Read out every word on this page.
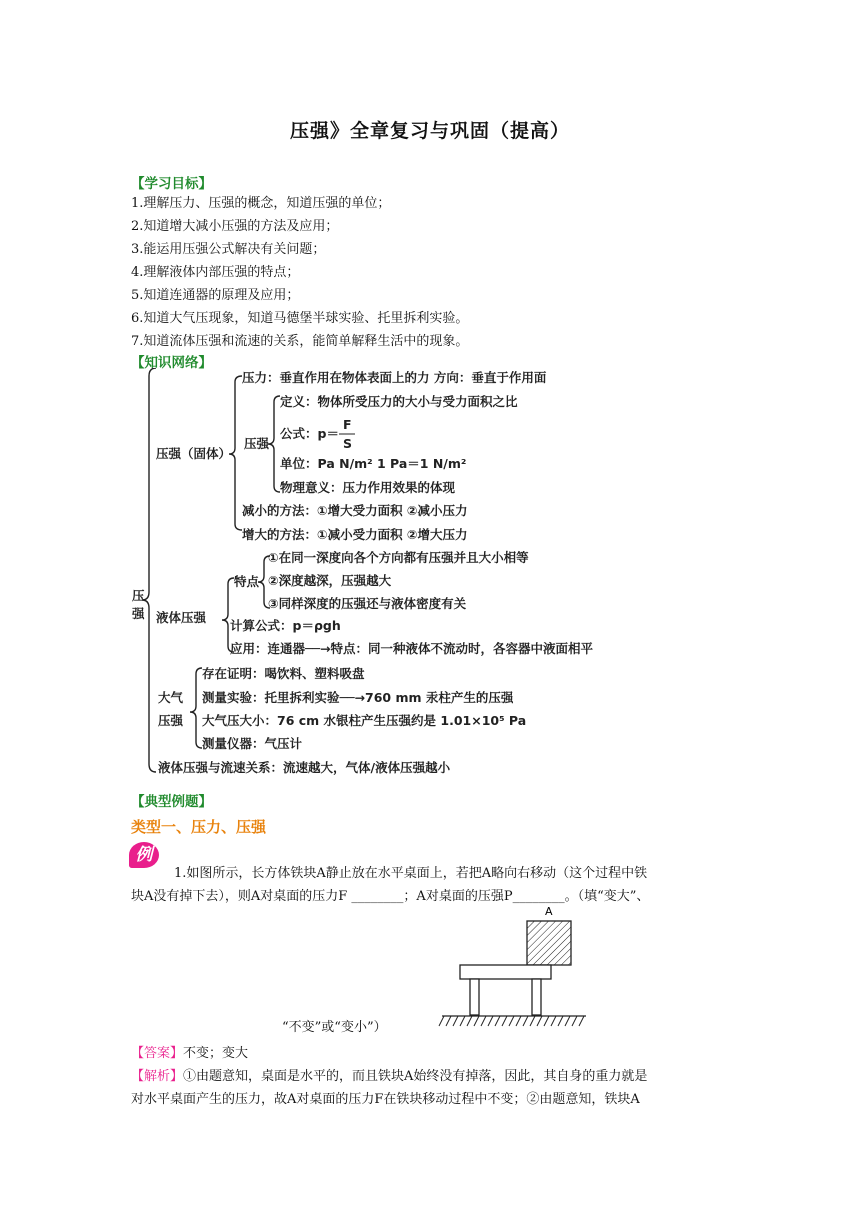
压强》全章复习与巩固（提高）
【学习目标】
1.理解压力、压强的概念，知道压强的单位；
2.知道增大减小压强的方法及应用；
3.能运用压强公式解决有关问题；
4.理解液体内部压强的特点；
5.知道连通器的原理及应用；
6.知道大气压现象，知道马德堡半球实验、托里拆利实验。
7.知道流体压强和流速的关系，能简单解释生活中的现象。
【知识网络】
压
强
压强（固体）
压力：垂直作用在物体表面上的力 方向：垂直于作用面
压强
定义：物体所受压力的大小与受力面积之比
公式：p＝
F
S
单位：Pa N/m² 1 Pa＝1 N/m²
物理意义：压力作用效果的体现
减小的方法：①增大受力面积 ②减小压力
增大的方法：①减小受力面积 ②增大压力
液体压强
特点
①在同一深度向各个方向都有压强并且大小相等
②深度越深，压强越大
③同样深度的压强还与液体密度有关
计算公式：p＝ρgh
应用：连通器──→特点：同一种液体不流动时，各容器中液面相平
大气
压强
存在证明：喝饮料、塑料吸盘
测量实验：托里拆利实验──→760 mm 汞柱产生的压强
大气压大小：76 cm 水银柱产生压强约是 1.01×10⁵ Pa
测量仪器：气压计
液体压强与流速关系：流速越大，气体/液体压强越小
【典型例题】
类型一、压力、压强
例
1.如图所示，长方体铁块A静止放在水平桌面上，若把A略向右移动（这个过程中铁
块A没有掉下去），则A对桌面的压力F ________；A对桌面的压强P________。（填“变大”、
A
“不变”或“变小”）
【答案】不变；变大
【解析】①由题意知，桌面是水平的，而且铁块A始终没有掉落，因此，其自身的重力就是
对水平桌面产生的压力，故A对桌面的压力F在铁块移动过程中不变；②由题意知，铁块A
